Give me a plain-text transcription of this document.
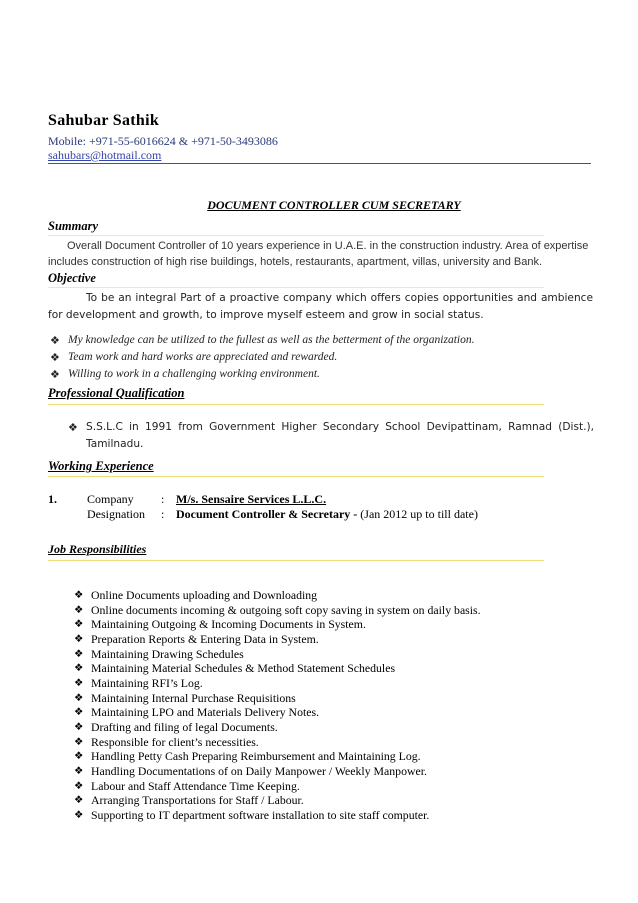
Sahubar Sathik
Mobile: +971-55-6016624 & +971-50-3493086
sahubars@hotmail.com
DOCUMENT CONTROLLER CUM SECRETARY
Summary
Overall Document Controller of 10 years experience in U.A.E. in the construction industry. Area of expertise includes construction of high rise buildings, hotels, restaurants, apartment, villas, university and Bank.
Objective
To be an integral Part of a proactive company which offers copies opportunities and ambience for development and growth, to improve myself esteem and grow in social status.
❖ My knowledge can be utilized to the fullest as well as the betterment of the organization.
❖ Team work and hard works are appreciated and rewarded.
❖ Willing to work in a challenging working environment.
Professional Qualification
❖ S.S.L.C in 1991 from Government Higher Secondary School Devipattinam, Ramnad (Dist.), Tamilnadu.
Working Experience
1.	Company : M/s. Sensaire Services L.L.C.
Designation : Document Controller & Secretary - (Jan 2012 up to till date)
Job Responsibilities
❖ Online Documents uploading and Downloading
❖ Online documents incoming & outgoing soft copy saving in system on daily basis.
❖ Maintaining Outgoing & Incoming Documents in System.
❖ Preparation Reports & Entering Data in System.
❖ Maintaining Drawing Schedules
❖ Maintaining Material Schedules & Method Statement Schedules
❖ Maintaining RFI’s Log.
❖ Maintaining Internal Purchase Requisitions
❖ Maintaining LPO and Materials Delivery Notes.
❖ Drafting and filing of legal Documents.
❖ Responsible for client’s necessities.
❖ Handling Petty Cash Preparing Reimbursement and Maintaining Log.
❖ Handling Documentations of on Daily Manpower / Weekly Manpower.
❖ Labour and Staff Attendance Time Keeping.
❖ Arranging Transportations for Staff / Labour.
❖ Supporting to IT department software installation to site staff computer.
